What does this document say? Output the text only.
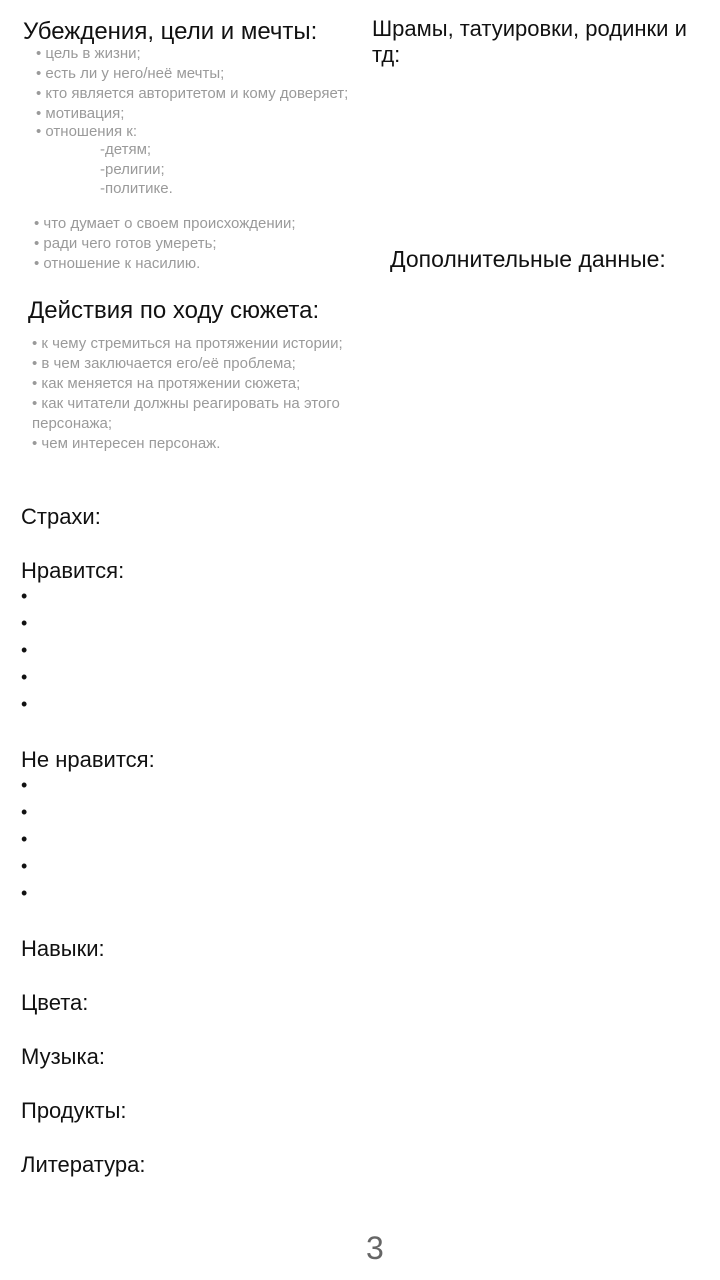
Убеждения, цели и мечты:
• цель в жизни;
• есть ли у него/неё мечты;
• кто является авторитетом и кому доверяет;
• мотивация;
• отношения к:
-детям;
-религии;
-политике.
• что думает о своем происхождении;
• ради чего готов умереть;
• отношение к насилию.
Шрамы, татуировки, родинки и тд:
Дополнительные данные:
Действия по ходу сюжета:
• к чему стремиться на протяжении истории;
• в чем заключается его/её проблема;
• как меняется на протяжении сюжета;
• как читатели должны реагировать на этого персонажа;
• чем интересен персонаж.
Страхи:
Нравится:
•
•
•
•
•
Не нравится:
•
•
•
•
•
Навыки:
Цвета:
Музыка:
Продукты:
Литература:
3
